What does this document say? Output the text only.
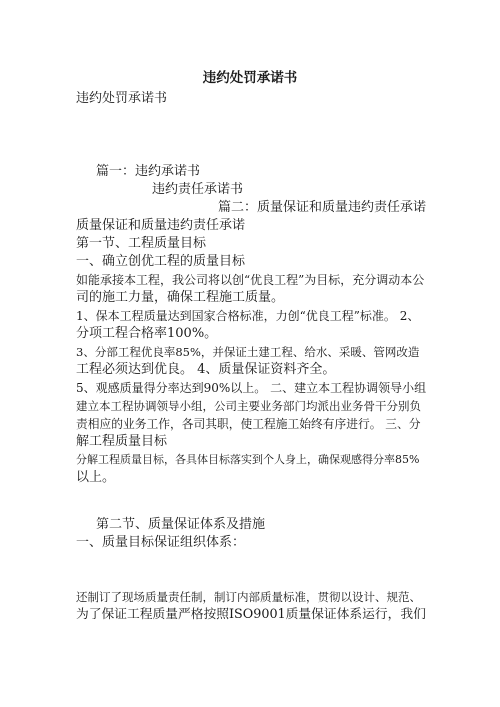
违约处罚承诺书
违约处罚承诺书
篇一：违约承诺书
违约责任承诺书
篇二：质量保证和质量违约责任承诺
质量保证和质量违约责任承诺
第一节、工程质量目标
一、确立创优工程的质量目标
如能承接本工程，我公司将以创“优良工程”为目标，充分调动本公
司的施工力量，确保工程施工质量。
1、保本工程质量达到国家合格标准，力创“优良工程”标准。 2、
分项工程合格率100%。
3、分部工程优良率85%，并保证土建工程、给水、采暖、管网改造
工程必须达到优良。 4、质量保证资料齐全。
5、观感质量得分率达到90%以上。 二、建立本工程协调领导小组
建立本工程协调领导小组，公司主要业务部门均派出业务骨干分别负
责相应的业务工作，各司其职，使工程施工始终有序进行。 三、分
解工程质量目标
分解工程质量目标，各具体目标落实到个人身上，确保观感得分率85%
以上。
第二节、质量保证体系及措施
一、质量目标保证组织体系：
还制订了现场质量责任制，制订内部质量标准，贯彻以设计、规范、
为了保证工程质量严格按照ISO9001质量保证体系运行，我们
